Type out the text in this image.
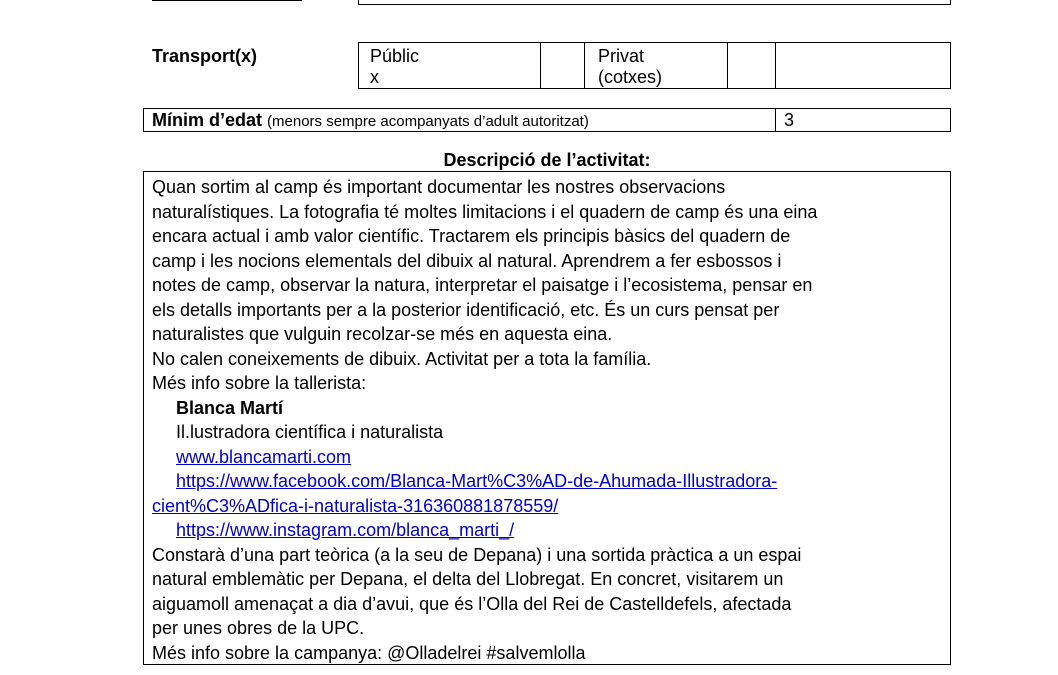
Transport(x)	Públic
x
Privat
(cotxes)
Mínim d’edat (menors sempre acompanyats d’adult autoritzat)	3
Descripció de l’activitat:
Quan sortim al camp és important documentar les nostres observacions
naturalístiques. La fotografia té moltes limitacions i el quadern de camp és una eina
encara actual i amb valor científic. Tractarem els principis bàsics del quadern de
camp i les nocions elementals del dibuix al natural. Aprendrem a fer esbossos i
notes de camp, observar la natura, interpretar el paisatge i l’ecosistema, pensar en
els detalls importants per a la posterior identificació, etc. És un curs pensat per
naturalistes que vulguin recolzar-se més en aquesta eina.
No calen coneixements de dibuix. Activitat per a tota la família.
Més info sobre la tallerista:
Blanca Martí
Il.lustradora científica i naturalista
www.blancamarti.com
https://www.facebook.com/Blanca-Mart%C3%AD-de-Ahumada-Illustradora-
cient%C3%ADfica-i-naturalista-316360881878559/
https://www.instagram.com/blanca_marti_/
Constarà d’una part teòrica (a la seu de Depana) i una sortida pràctica a un espai
natural emblemàtic per Depana, el delta del Llobregat. En concret, visitarem un
aiguamoll amenaçat a dia d’avui, que és l’Olla del Rei de Castelldefels, afectada
per unes obres de la UPC.
Més info sobre la campanya: @Olladelrei #salvemlolla
